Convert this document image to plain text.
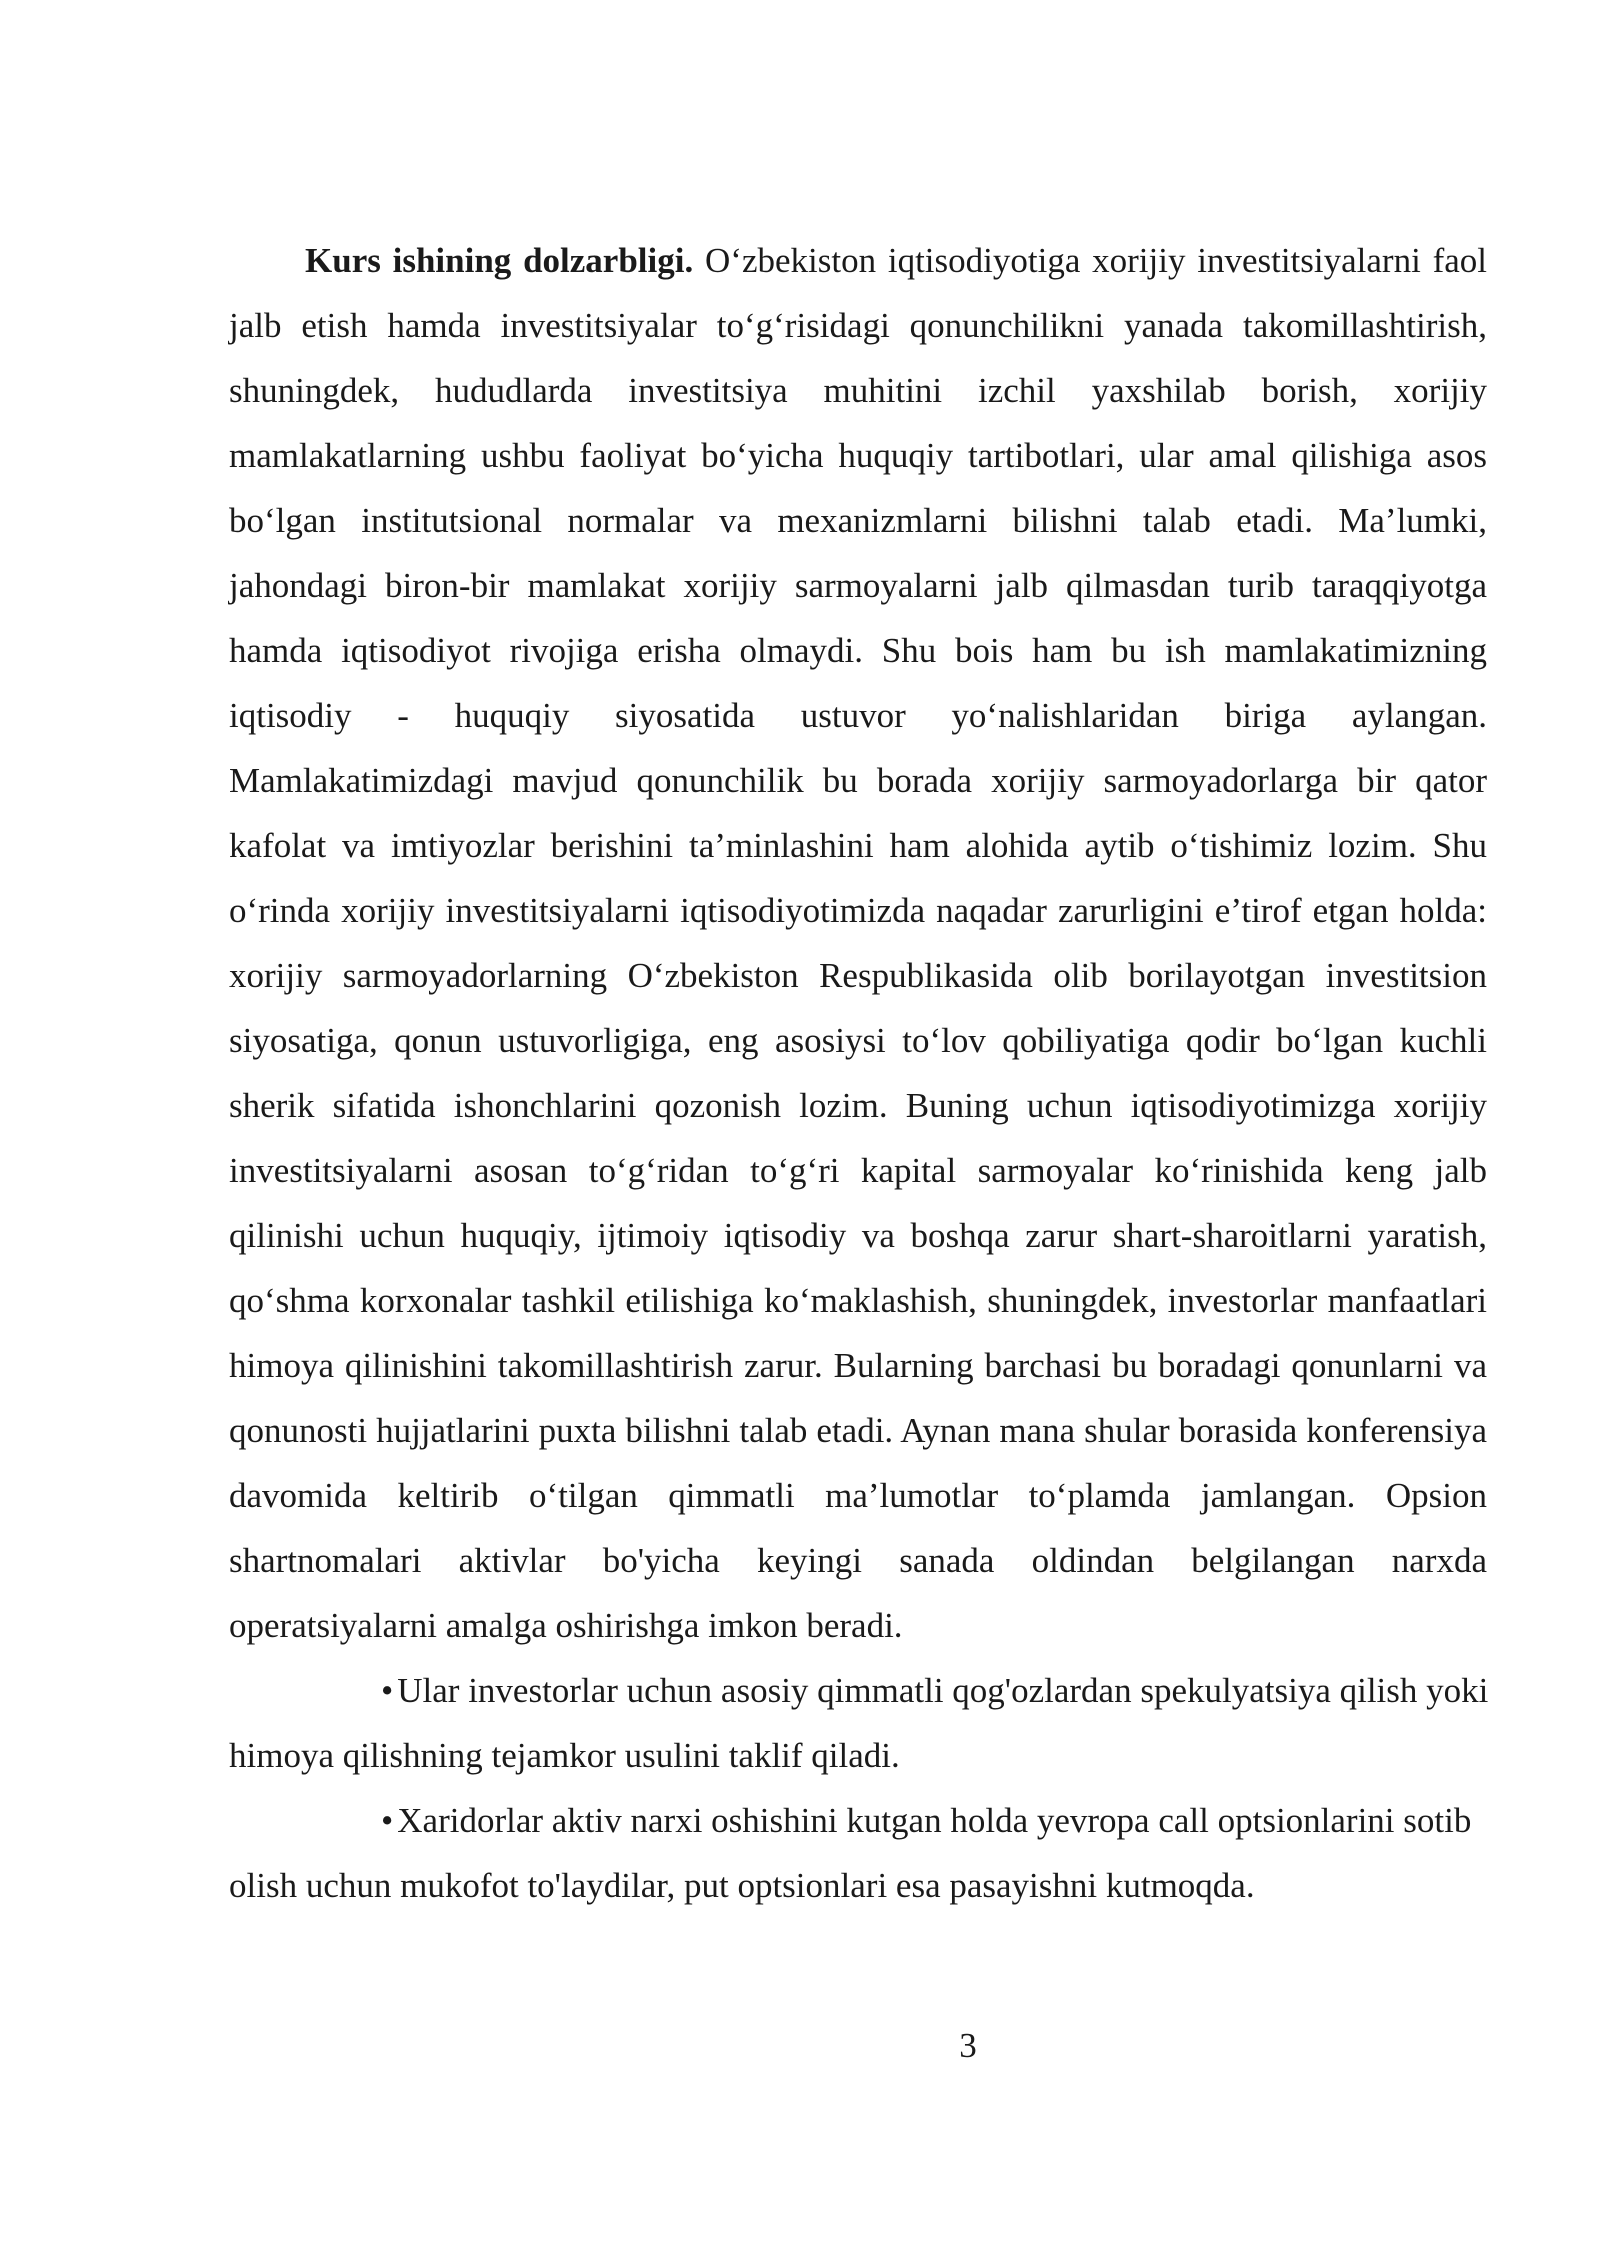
Kurs ishining dolzarbligi. O‘zbekiston iqtisodiyotiga xorijiy investitsiyalarni faol jalb etish hamda investitsiyalar to‘g‘risidagi qonunchilikni yanada takomillashtirish, shuningdek, hududlarda investitsiya muhitini izchil yaxshilab borish, xorijiy mamlakatlarning ushbu faoliyat bo‘yicha huquqiy tartibotlari, ular amal qilishiga asos bo‘lgan institutsional normalar va mexanizmlarni bilishni talab etadi. Ma’lumki, jahondagi biron-bir mamlakat xorijiy sarmoyalarni jalb qilmasdan turib taraqqiyotga hamda iqtisodiyot rivojiga erisha olmaydi. Shu bois ham bu ish mamlakatimizning iqtisodiy - huquqiy siyosatida ustuvor yo‘nalishlaridan biriga aylangan. Mamlakatimizdagi mavjud qonunchilik bu borada xorijiy sarmoyadorlarga bir qator kafolat va imtiyozlar berishini ta’minlashini ham alohida aytib o‘tishimiz lozim. Shu o‘rinda xorijiy investitsiyalarni iqtisodiyotimizda naqadar zarurligini e’tirof etgan holda: xorijiy sarmoyadorlarning O‘zbekiston Respublikasida olib borilayotgan investitsion siyosatiga, qonun ustuvorligiga, eng asosiysi to‘lov qobiliyatiga qodir bo‘lgan kuchli sherik sifatida ishonchlarini qozonish lozim. Buning uchun iqtisodiyotimizga xorijiy investitsiyalarni asosan to‘g‘ridan to‘g‘ri kapital sarmoyalar ko‘rinishida keng jalb qilinishi uchun huquqiy, ijtimoiy iqtisodiy va boshqa zarur shart-sharoitlarni yaratish, qo‘shma korxonalar tashkil etilishiga ko‘maklashish, shuningdek, investorlar manfaatlari himoya qilinishini takomillashtirish zarur. Bularning barchasi bu boradagi qonunlarni va qonunosti hujjatlarini puxta bilishni talab etadi. Aynan mana shular borasida konferensiya davomida keltirib o‘tilgan qimmatli ma’lumotlar to‘plamda jamlangan. Opsion shartnomalari aktivlar bo'yicha keyingi sanada oldindan belgilangan narxda operatsiyalarni amalga oshirishga imkon beradi.

• Ular investorlar uchun asosiy qimmatli qog'ozlardan spekulyatsiya qilish yoki
himoya qilishning tejamkor usulini taklif qiladi.

• Xaridorlar aktiv narxi oshishini kutgan holda yevropa call optsionlarini sotib
olish uchun mukofot to'laydilar, put optsionlari esa pasayishni kutmoqda.

3
